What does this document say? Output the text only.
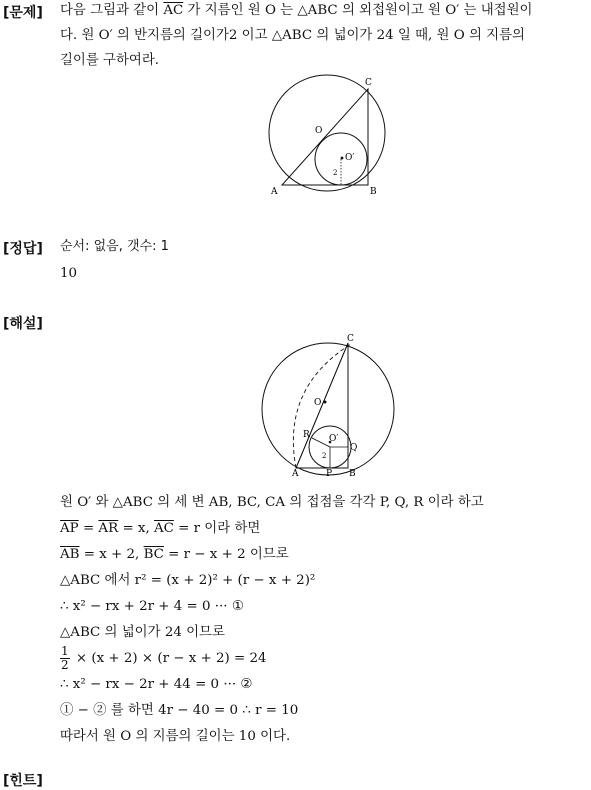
[문제] 다음 그림과 같이 $\overline{AC}$ 가 지름인 원 O 는 △ABC 의 외접원이고 원 O′ 는 내접원이
다. 원 O′ 의 반지름의 길이가2 이고 △ABC 의 넓이가 24 일 때, 원 O 의 지름의
길이를 구하여라.
A	B
C
O
O′
2
[정답] 순서: 없음, 갯수: 1
10
[해설]
A	P B
C
O
O′
Q
R
2
원 O′ 와 △ABC 의 세 변 AB, BC, CA 의 접점을 각각 P, Q, R 이라 하고
$\overline{AP} = \overline{AR} = x$, $\overline{AC} = r$ 이라 하면
$\overline{AB} = x + 2$, $\overline{BC} = r - x + 2$ 이므로
△ABC 에서 r² = (x + 2)² + (r − x + 2)²
∴ x² − rx + 2r + 4 = 0 ··· ①
△ABC 의 넓이가 24 이므로
$\frac{1}{2} \times (x + 2) \times (r - x + 2) = 24$
∴ x² − rx − 2r + 44 = 0 ··· ②
① − ② 를 하면 4r − 40 = 0 ∴ r = 10
따라서 원 O 의 지름의 길이는 10 이다.
[힌트]
